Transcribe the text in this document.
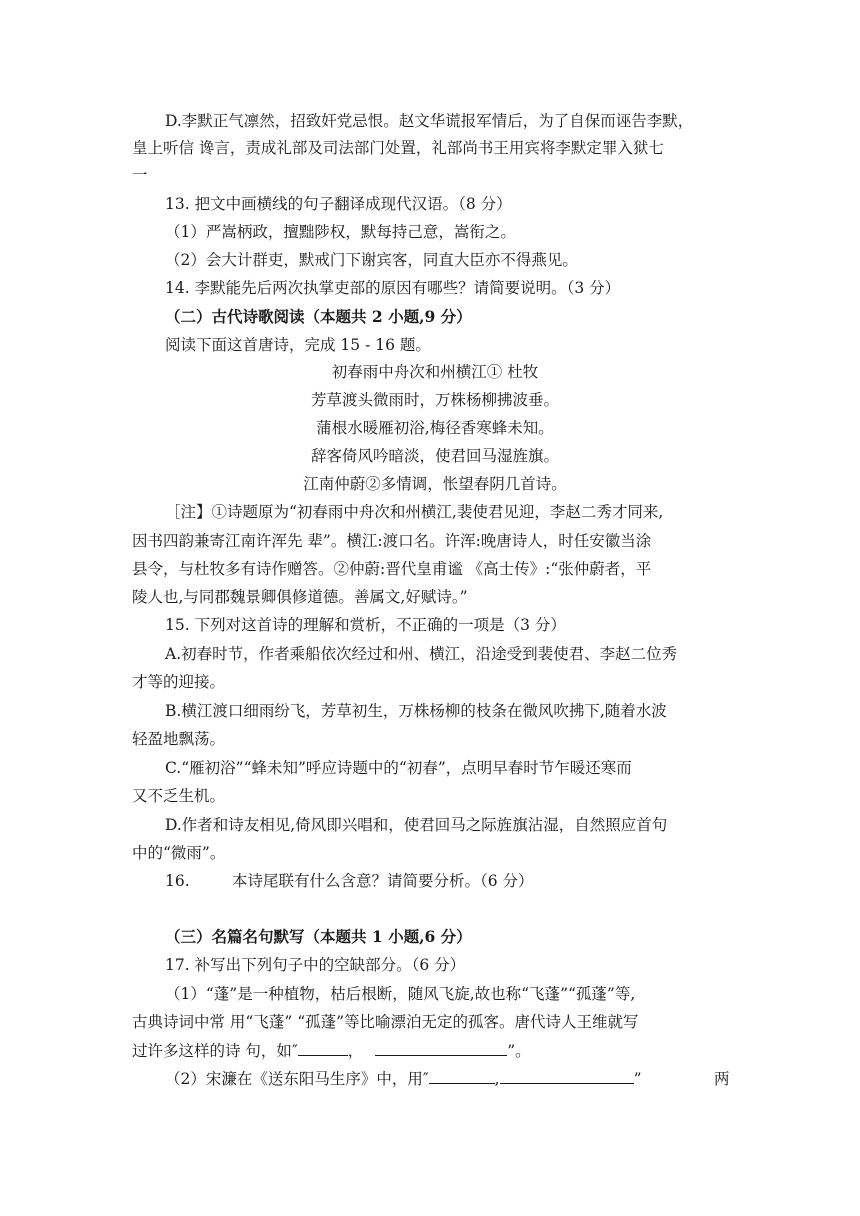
D.李默正气凛然，招致奸党忌恨。赵文华谎报军情后，为了自保而诬告李默，
皇上听信 谗言，责成礼部及司法部门处置，礼部尚书王用宾将李默定罪入狱七
一
13. 把文中画横线的句子翻译成现代汉语。（8 分）
（1）严嵩柄政，擅黜陟权，默每持己意，嵩衔之。
（2）会大计群吏，默戒门下谢宾客，同直大臣亦不得燕见。
14. 李默能先后两次执掌吏部的原因有哪些？请简要说明。（3 分）
（二）古代诗歌阅读（本题共 2 小题,9 分）
阅读下面这首唐诗，完成 15 - 16 题。
初春雨中舟次和州横江① 杜牧
芳草渡头微雨时，万株杨柳拂波垂。
蒲根水暖雁初浴,梅径香寒蜂未知。
辞客倚风吟暗淡，使君回马湿旌旗。
江南仲蔚②多情调，怅望春阴几首诗。
［注】①诗题原为“初春雨中舟次和州横江,裴使君见迎，李赵二秀才同来,
因书四韵兼寄江南许浑先 辈”。横江:渡口名。许浑:晚唐诗人，时任安徽当涂
县令，与杜牧多有诗作赠答。②仲蔚:晋代皇甫谧 《高士传》:“张仲蔚者，平
陵人也,与同郡魏景卿俱修道德。善属文,好赋诗。”
15. 下列对这首诗的理解和赏析，不正确的一项是（3 分）
A.初春时节，作者乘船依次经过和州、横江，沿途受到裴使君、李赵二位秀
才等的迎接。
B.横江渡口细雨纷飞，芳草初生，万株杨柳的枝条在微风吹拂下,随着水波
轻盈地飘荡。
C.“雁初浴”“蜂未知”呼应诗题中的“初春”，点明早春时节乍暖还寒而
又不乏生机。
D.作者和诗友相见,倚风即兴唱和，使君回马之际旌旗沾湿，自然照应首句
中的“微雨”。
16.	本诗尾联有什么含意？请简要分析。（6 分）
（三）名篇名句默写（本题共 1 小题,6 分）
17. 补写出下列句子中的空缺部分。（6 分）
（1）“蓬”是一种植物，枯后根断，随风飞旋,故也称“飞蓬”“孤蓬”等,
古典诗词中常 用“飞蓬” “孤蓬”等比喻漂泊无定的孤客。唐代诗人王维就写
过许多这样的诗 句，如″	，	”。
（2）宋濂在《送东阳马生序》中，用″	,	”	两
